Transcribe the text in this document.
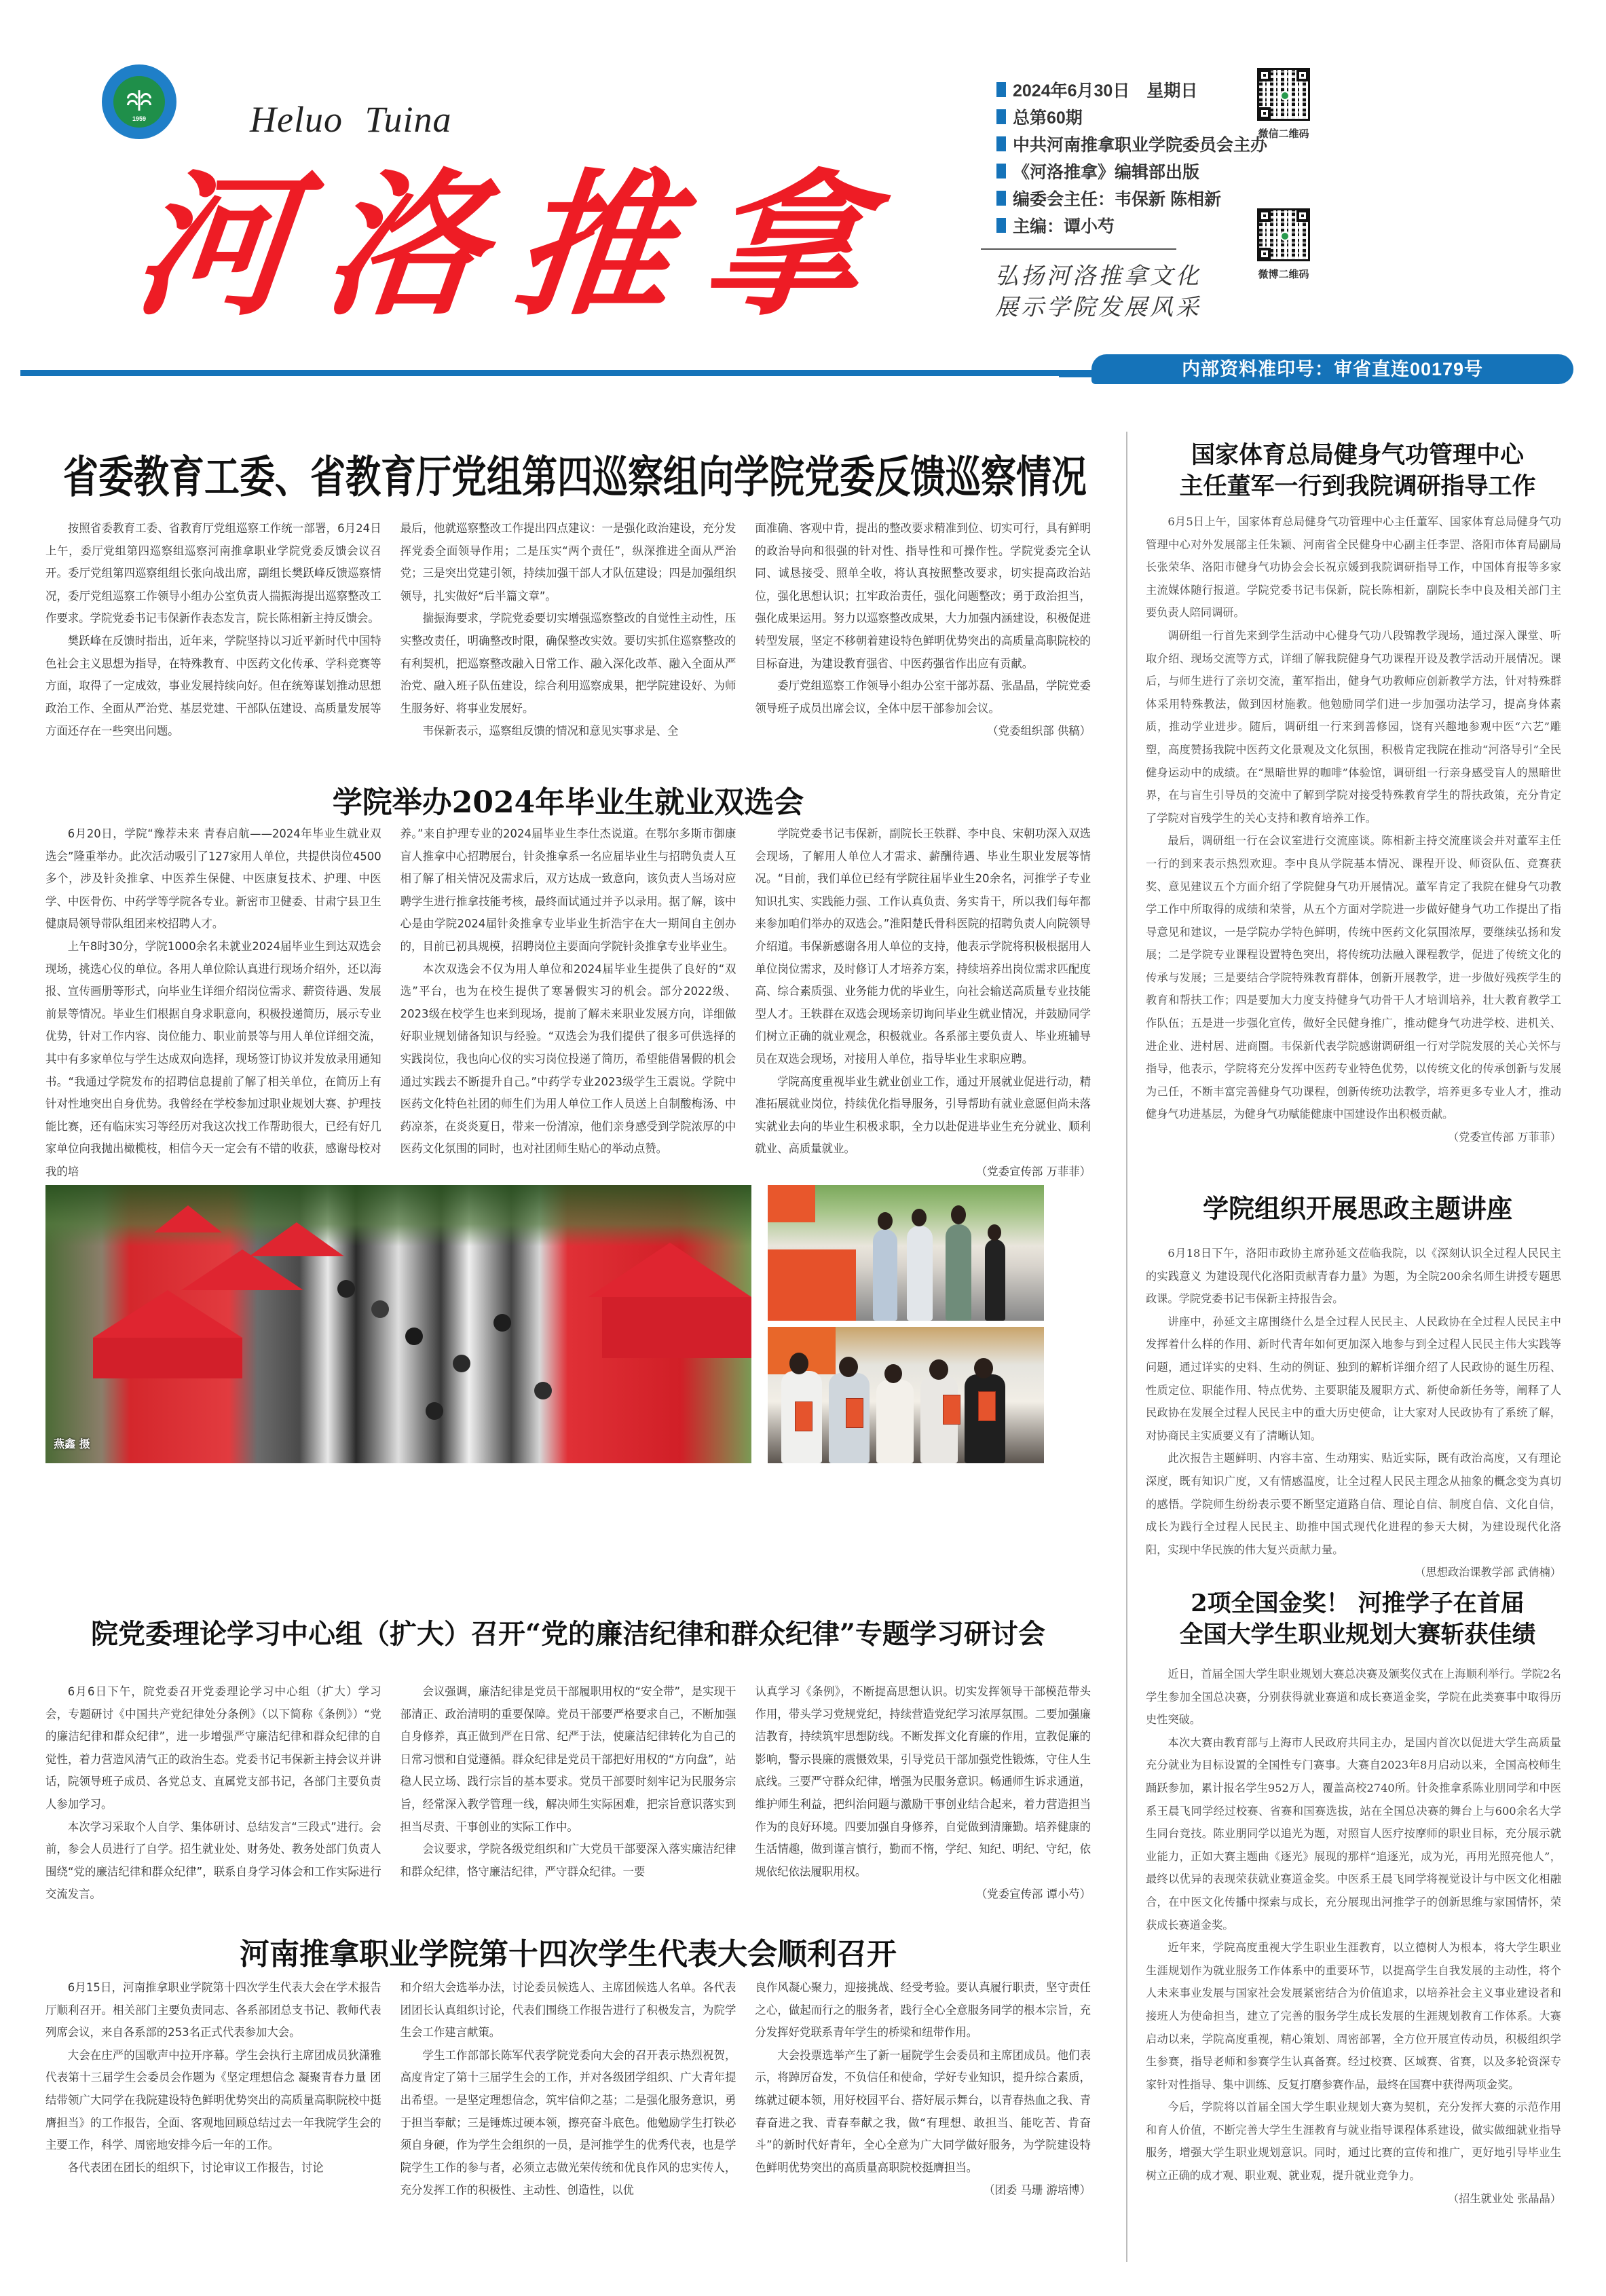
1959	Heluo Tuina
河洛推拿
2024年6月30日　星期日
总第60期
中共河南推拿职业学院委员会主办
《河洛推拿》编辑部出版
编委会主任：韦保新 陈相新
主编：谭小芍
弘扬河洛推拿文化
展示学院发展风采
微信二维码
微博二维码
内部资料准印号：审省直连00179号
省委教育工委、省教育厅党组第四巡察组向学院党委反馈巡察情况

按照省委教育工委、省教育厅党组巡察工作统一部署，6月24日上午，委厅党组第四巡察组巡察河南推拿职业学院党委反馈会议召开。委厅党组第四巡察组组长张向战出席，副组长樊跃峰反馈巡察情况，委厅党组巡察工作领导小组办公室负责人揣振海提出巡察整改工作要求。学院党委书记韦保新作表态发言，院长陈相新主持反馈会。

樊跃峰在反馈时指出，近年来，学院坚持以习近平新时代中国特色社会主义思想为指导，在特殊教育、中医药文化传承、学科竞赛等方面，取得了一定成效，事业发展持续向好。但在统筹谋划推动思想政治工作、全面从严治党、基层党建、干部队伍建设、高质量发展等方面还存在一些突出问题。

最后，他就巡察整改工作提出四点建议：一是强化政治建设，充分发挥党委全面领导作用；二是压实“两个责任”，纵深推进全面从严治党；三是突出党建引领，持续加强干部人才队伍建设；四是加强组织领导，扎实做好“后半篇文章”。

揣振海要求，学院党委要切实增强巡察整改的自觉性主动性，压实整改责任，明确整改时限，确保整改实效。要切实抓住巡察整改的有利契机，把巡察整改融入日常工作、融入深化改革、融入全面从严治党、融入班子队伍建设，综合利用巡察成果，把学院建设好、为师生服务好、将事业发展好。

韦保新表示，巡察组反馈的情况和意见实事求是、全

面准确、客观中肯，提出的整改要求精准到位、切实可行，具有鲜明的政治导向和很强的针对性、指导性和可操作性。学院党委完全认同、诚恳接受、照单全收，将认真按照整改要求，切实提高政治站位，强化思想认识；扛牢政治责任，强化问题整改；勇于政治担当，强化成果运用。努力以巡察整改成果，大力加强内涵建设，积极促进转型发展，坚定不移朝着建设特色鲜明优势突出的高质量高职院校的目标奋进，为建设教育强省、中医药强省作出应有贡献。

委厅党组巡察工作领导小组办公室干部苏磊、张晶晶，学院党委领导班子成员出席会议，全体中层干部参加会议。

（党委组织部 供稿）
学院举办2024年毕业生就业双选会

6月20日，学院“豫荐未来 青春启航——2024年毕业生就业双选会”隆重举办。此次活动吸引了127家用人单位，共提供岗位4500多个，涉及针灸推拿、中医养生保健、中医康复技术、护理、中医学、中医骨伤、中药学等学院各专业。新密市卫健委、甘肃宁县卫生健康局领导带队组团来校招聘人才。

上午8时30分，学院1000余名未就业2024届毕业生到达双选会现场，挑选心仪的单位。各用人单位除认真进行现场介绍外，还以海报、宣传画册等形式，向毕业生详细介绍岗位需求、薪资待遇、发展前景等情况。毕业生们根据自身求职意向，积极投递简历，展示专业优势，针对工作内容、岗位能力、职业前景等与用人单位详细交流，其中有多家单位与学生达成双向选择，现场签订协议并发放录用通知书。“我通过学院发布的招聘信息提前了解了相关单位，在简历上有针对性地突出自身优势。我曾经在学校参加过职业规划大赛、护理技能比赛，还有临床实习等经历对我这次找工作帮助很大，已经有好几家单位向我抛出橄榄枝，相信今天一定会有不错的收获，感谢母校对我的培

养。”来自护理专业的2024届毕业生李仕杰说道。在鄂尔多斯市御康盲人推拿中心招聘展台，针灸推拿系一名应届毕业生与招聘负责人互相了解了相关情况及需求后，双方达成一致意向，该负责人当场对应聘学生进行推拿技能考核，最终面试通过并予以录用。据了解，该中心是由学院2024届针灸推拿专业毕业生折浩宇在大一期间自主创办的，目前已初具规模，招聘岗位主要面向学院针灸推拿专业毕业生。

本次双选会不仅为用人单位和2024届毕业生提供了良好的“双选”平台，也为在校生提供了寒暑假实习的机会。部分2022级、2023级在校学生也来到现场，提前了解未来职业发展方向，详细做好职业规划储备知识与经验。“双选会为我们提供了很多可供选择的实践岗位，我也向心仪的实习岗位投递了简历，希望能借暑假的机会通过实践去不断提升自己。”中药学专业2023级学生王震说。学院中医药文化特色社团的师生们为用人单位工作人员送上自制酸梅汤、中药凉茶，在炎炎夏日，带来一份清凉，他们亲身感受到学院浓厚的中医药文化氛围的同时，也对社团师生贴心的举动点赞。

学院党委书记韦保新，副院长王轶群、李中良、宋朝功深入双选会现场，了解用人单位人才需求、薪酬待遇、毕业生职业发展等情况。“目前，我们单位已经有学院往届毕业生20余名，河推学子专业知识扎实、实践能力强、工作认真负责、务实肯干，所以我们每年都来参加咱们举办的双选会。”淮阳楚氏骨科医院的招聘负责人向院领导介绍道。韦保新感谢各用人单位的支持，他表示学院将积极根据用人单位岗位需求，及时修订人才培养方案，持续培养出岗位需求匹配度高、综合素质强、业务能力优的毕业生，向社会输送高质量专业技能型人才。王轶群在双选会现场亲切询问毕业生就业情况，并鼓励同学们树立正确的就业观念，积极就业。各系部主要负责人、毕业班辅导员在双选会现场，对接用人单位，指导毕业生求职应聘。

学院高度重视毕业生就业创业工作，通过开展就业促进行动，精准拓展就业岗位，持续优化指导服务，引导帮助有就业意愿但尚未落实就业去向的毕业生积极求职，全力以赴促进毕业生充分就业、顺利就业、高质量就业。

（党委宣传部 万菲菲）
燕鑫 摄
院党委理论学习中心组（扩大）召开“党的廉洁纪律和群众纪律”专题学习研讨会

6月6日下午，院党委召开党委理论学习中心组（扩大）学习会，专题研讨《中国共产党纪律处分条例》（以下简称《条例》）“党的廉洁纪律和群众纪律”，进一步增强严守廉洁纪律和群众纪律的自觉性，着力营造风清气正的政治生态。党委书记韦保新主持会议并讲话，院领导班子成员、各党总支、直属党支部书记，各部门主要负责人参加学习。

本次学习采取个人自学、集体研讨、总结发言“三段式”进行。会前，参会人员进行了自学。招生就业处、财务处、教务处部门负责人围绕“党的廉洁纪律和群众纪律”，联系自身学习体会和工作实际进行交流发言。

会议强调，廉洁纪律是党员干部履职用权的“安全带”，是实现干部清正、政治清明的重要保障。党员干部要严格要求自己，不断加强自身修养，真正做到严在日常、纪严于法，使廉洁纪律转化为自己的日常习惯和自觉遵循。群众纪律是党员干部把好用权的“方向盘”，站稳人民立场、践行宗旨的基本要求。党员干部要时刻牢记为民服务宗旨，经常深入教学管理一线，解决师生实际困难，把宗旨意识落实到担当尽责、干事创业的实际工作中。

会议要求，学院各级党组织和广大党员干部要深入落实廉洁纪律和群众纪律，恪守廉洁纪律，严守群众纪律。一要

认真学习《条例》，不断提高思想认识。切实发挥领导干部模范带头作用，带头学习党规党纪，持续营造党纪学习浓厚氛围。二要加强廉洁教育，持续筑牢思想防线。不断发挥文化育廉的作用，宣教促廉的影响，警示畏廉的震慑效果，引导党员干部加强党性锻炼，守住人生底线。三要严守群众纪律，增强为民服务意识。畅通师生诉求通道，维护师生利益，把纠治问题与激励干事创业结合起来，着力营造担当作为的良好环境。四要加强自身修养，自觉做到清廉勤。培养健康的生活情趣，做到谨言慎行，勤而不惰，学纪、知纪、明纪、守纪，依规依纪依法履职用权。

（党委宣传部 谭小芍）
河南推拿职业学院第十四次学生代表大会顺利召开

6月15日，河南推拿职业学院第十四次学生代表大会在学术报告厅顺利召开。相关部门主要负责同志、各系部团总支书记、教师代表列席会议，来自各系部的253名正式代表参加大会。

大会在庄严的国歌声中拉开序幕。学生会执行主席团成员狄潇雅代表第十三届学生会委员会作题为《坚定理想信念 凝聚青春力量 团结带领广大同学在我院建设特色鲜明优势突出的高质量高职院校中挺膺担当》的工作报告，全面、客观地回顾总结过去一年我院学生会的主要工作，科学、周密地安排今后一年的工作。

各代表团在团长的组织下，讨论审议工作报告，讨论

和介绍大会选举办法，讨论委员候选人、主席团候选人名单。各代表团团长认真组织讨论，代表们围绕工作报告进行了积极发言，为院学生会工作建言献策。

学生工作部部长陈军代表学院党委向大会的召开表示热烈祝贺，高度肯定了第十三届学生会的工作，并对各级团学组织、广大青年提出希望。一是坚定理想信念，筑牢信仰之基；二是强化服务意识，勇于担当奉献；三是锤炼过硬本领，擦亮奋斗底色。他勉励学生打铁必须自身硬，作为学生会组织的一员，是河推学生的优秀代表，也是学院学生工作的参与者，必须立志做光荣传统和优良作风的忠实传人，充分发挥工作的积极性、主动性、创造性，以优

良作风凝心聚力，迎接挑战、经受考验。要认真履行职责，坚守责任之心，做起而行之的服务者，践行全心全意服务同学的根本宗旨，充分发挥好党联系青年学生的桥梁和纽带作用。

大会投票选举产生了新一届院学生会委员和主席团成员。他们表示，将踔厉奋发，不负信任和使命，学好专业知识，提升综合素质，练就过硬本领，用好校园平台、搭好展示舞台，以青春热血之我、青春奋进之我、青春奉献之我，做“有理想、敢担当、能吃苦、肯奋斗”的新时代好青年，全心全意为广大同学做好服务，为学院建设特色鲜明优势突出的高质量高职院校挺膺担当。

（团委 马珊 游培博）
国家体育总局健身气功管理中心
主任董军一行到我院调研指导工作

6月5日上午，国家体育总局健身气功管理中心主任董军、国家体育总局健身气功管理中心对外发展部主任朱颖、河南省全民健身中心副主任李罡、洛阳市体育局副局长张荣华、洛阳市健身气功协会会长祝京媛到我院调研指导工作，中国体育报等多家主流媒体随行报道。学院党委书记韦保新，院长陈相新，副院长李中良及相关部门主要负责人陪同调研。

调研组一行首先来到学生活动中心健身气功八段锦教学现场，通过深入课堂、听取介绍、现场交流等方式，详细了解我院健身气功课程开设及教学活动开展情况。课后，与师生进行了亲切交流，董军指出，健身气功教师应创新教学方法，针对特殊群体采用特殊教法，做到因材施教。他勉励同学们进一步加强功法学习，提高身体素质，推动学业进步。随后，调研组一行来到善修园，饶有兴趣地参观中医“六艺”雕塑，高度赞扬我院中医药文化景观及文化氛围，积极肯定我院在推动“河洛导引”全民健身运动中的成绩。在“黑暗世界的咖啡”体验馆，调研组一行亲身感受盲人的黑暗世界，在与盲生引导员的交流中了解到学院对接受特殊教育学生的帮扶政策，充分肯定了学院对盲残学生的关心支持和教育培养工作。

最后，调研组一行在会议室进行交流座谈。陈相新主持交流座谈会并对董军主任一行的到来表示热烈欢迎。李中良从学院基本情况、课程开设、师资队伍、竞赛获奖、意见建议五个方面介绍了学院健身气功开展情况。董军肯定了我院在健身气功教学工作中所取得的成绩和荣誉，从五个方面对学院进一步做好健身气功工作提出了指导意见和建议，一是学院办学特色鲜明，传统中医药文化氛围浓厚，要继续弘扬和发展；二是学院专业课程设置特色突出，将传统功法融入课程教学，促进了传统文化的传承与发展；三是要结合学院特殊教育群体，创新开展教学，进一步做好残疾学生的教育和帮扶工作；四是要加大力度支持健身气功骨干人才培训培养，壮大教育教学工作队伍；五是进一步强化宣传，做好全民健身推广，推动健身气功进学校、进机关、进企业、进村居、进商圈。韦保新代表学院感谢调研组一行对学院发展的关心关怀与指导，他表示，学院将充分发挥中医药专业特色优势，以传统文化的传承创新与发展为己任，不断丰富完善健身气功课程，创新传统功法教学，培养更多专业人才，推动健身气功进基层，为健身气功赋能健康中国建设作出积极贡献。

（党委宣传部 万菲菲）
学院组织开展思政主题讲座

6月18日下午，洛阳市政协主席孙延文莅临我院，以《深刻认识全过程人民民主的实践意义 为建设现代化洛阳贡献青春力量》为题，为全院200余名师生讲授专题思政课。学院党委书记韦保新主持报告会。

讲座中，孙延文主席围绕什么是全过程人民民主、人民政协在全过程人民民主中发挥着什么样的作用、新时代青年如何更加深入地参与到全过程人民民主伟大实践等问题，通过详实的史料、生动的例证、独到的解析详细介绍了人民政协的诞生历程、性质定位、职能作用、特点优势、主要职能及履职方式、新使命新任务等，阐释了人民政协在发展全过程人民民主中的重大历史使命，让大家对人民政协有了系统了解，对协商民主实质要义有了清晰认知。

此次报告主题鲜明、内容丰富、生动翔实、贴近实际，既有政治高度，又有理论深度，既有知识广度，又有情感温度，让全过程人民民主理念从抽象的概念变为真切的感悟。学院师生纷纷表示要不断坚定道路自信、理论自信、制度自信、文化自信，成长为践行全过程人民民主、助推中国式现代化进程的参天大树，为建设现代化洛阳，实现中华民族的伟大复兴贡献力量。

（思想政治课教学部 武倩楠）
2项全国金奖！ 河推学子在首届
全国大学生职业规划大赛斩获佳绩

近日，首届全国大学生职业规划大赛总决赛及颁奖仪式在上海顺利举行。学院2名学生参加全国总决赛，分别获得就业赛道和成长赛道金奖，学院在此类赛事中取得历史性突破。

本次大赛由教育部与上海市人民政府共同主办，是国内首次以促进大学生高质量充分就业为目标设置的全国性专门赛事。大赛自2023年8月启动以来，全国高校师生踊跃参加，累计报名学生952万人，覆盖高校2740所。针灸推拿系陈业朋同学和中医系王晨飞同学经过校赛、省赛和国赛选拔，站在全国总决赛的舞台上与600余名大学生同台竞技。陈业朋同学以追光为题，对照盲人医疗按摩师的职业目标，充分展示就业能力，正如大赛主题曲《逐光》展现的那样“追逐光，成为光，再用光照亮他人”，最终以优异的表现荣获就业赛道金奖。中医系王晨飞同学将视觉设计与中医文化相融合，在中医文化传播中探索与成长，充分展现出河推学子的创新思维与家国情怀，荣获成长赛道金奖。

近年来，学院高度重视大学生职业生涯教育，以立德树人为根本，将大学生职业生涯规划作为就业服务工作体系中的重要环节，以提高学生自我发展的主动性，将个人未来事业发展与国家社会发展紧密结合为价值追求，以培养社会主义事业建设者和接班人为使命担当，建立了完善的服务学生成长发展的生涯规划教育工作体系。大赛启动以来，学院高度重视，精心策划、周密部署，全方位开展宣传动员，积极组织学生参赛，指导老师和参赛学生认真备赛。经过校赛、区域赛、省赛，以及多轮资深专家针对性指导、集中训练、反复打磨参赛作品，最终在国赛中获得两项金奖。

今后，学院将以首届全国大学生职业规划大赛为契机，充分发挥大赛的示范作用和育人价值，不断完善大学生生涯教育与就业指导课程体系建设，做实做细就业指导服务，增强大学生职业规划意识。同时，通过比赛的宣传和推广，更好地引导毕业生树立正确的成才观、职业观、就业观，提升就业竞争力。

（招生就业处 张晶晶）
